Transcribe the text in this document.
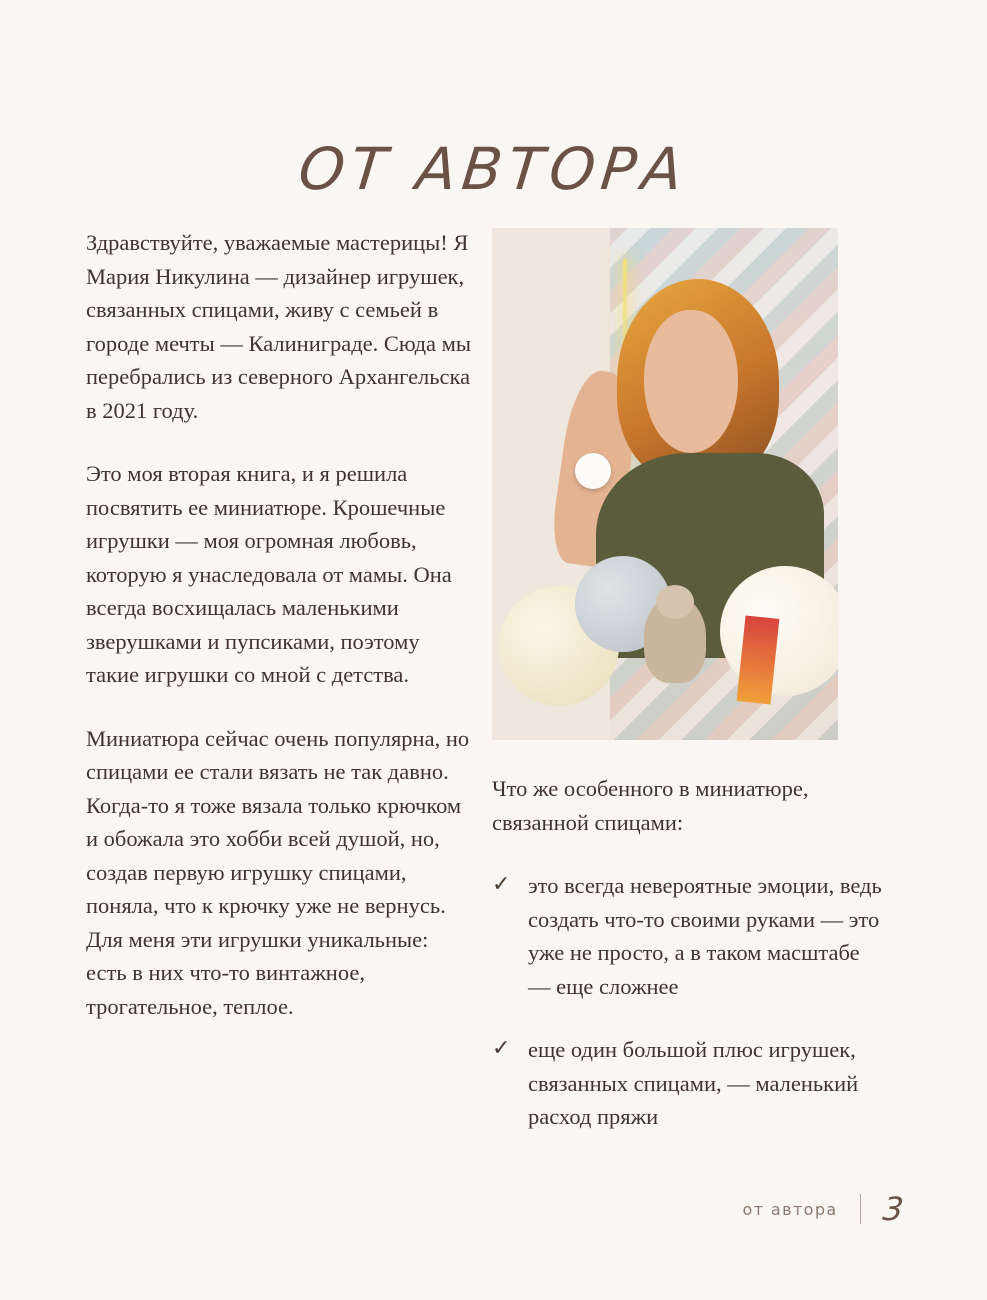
ОТ АВТОРА

Здравствуйте, уважаемые мастерицы! Я Мария Никулина — дизайнер игрушек, связанных спицами, живу с семьей в городе мечты — Калиниграде. Сюда мы перебрались из северного Архангельска в 2021 году.

Это моя вторая книга, и я решила посвятить ее миниатюре. Крошечные игрушки — моя огромная любовь, которую я унаследовала от мамы. Она всегда восхищалась маленькими зверушками и пупсиками, поэтому такие игрушки со мной с детства.

Миниатюра сейчас очень популярна, но спицами ее стали вязать не так давно. Когда-то я тоже вязала только крючком и обожала это хобби всей душой, но, создав первую игрушку спицами, поняла, что к крючку уже не вернусь. Для меня эти игрушки уникальные: есть в них что-то винтажное, трогательное, теплое.

Что же особенного в миниатюре, связанной спицами:

✓ это всегда невероятные эмоции, ведь создать что-то своими руками — это уже не просто, а в таком масштабе — еще сложнее
✓ еще один большой плюс игрушек, связанных спицами, — маленький расход пряжи
от автора 3
